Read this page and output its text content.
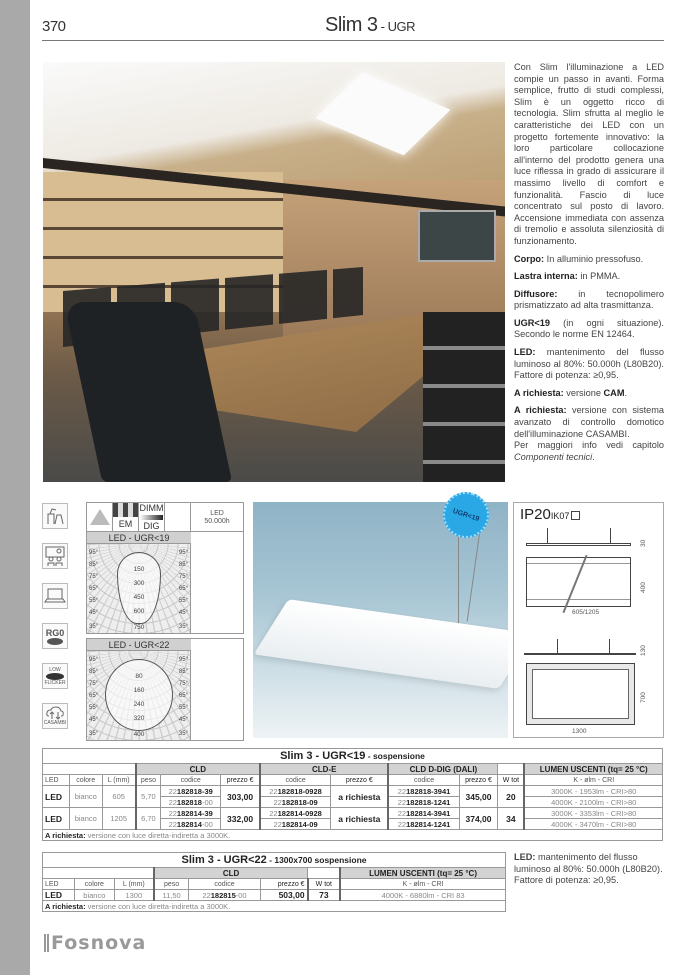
370	Slim 3 - UGR

Con Slim l'illuminazione a LED compie un passo in avanti. Forma semplice, frutto di studi complessi, Slim è un oggetto ricco di tecnologia. Slim sfrutta al meglio le caratteristiche dei LED con un progetto fortemente innovativo: la loro particolare collocazione all'interno del prodotto genera una luce riflessa in grado di assicurare il massimo livello di comfort e funzionalità. Fascio di luce concentrato sul posto di lavoro. Accensione immediata con assenza di tremolio e assoluta silenziosità di funzionamento.

Corpo: In alluminio pressofuso.

Lastra interna: in PMMA.

Diffusore: in tecnopolimero prismatizzato ad alta trasmittanza.

UGR<19 (in ogni situazione). Secondo le norme EN 12464.

LED: mantenimento del flusso luminoso al 80%: 50.000h (L80B20). Fattore di potenza: ≥0,95.

A richiesta: versione CAM.

A richiesta: versione con sistema avanzato di controllo domotico dell'illuminazione CASAMBI.

Per maggiori info vedi capitolo Componenti tecnici.

RG0
LOW
FLICKER
CASAMBI
EM
DIMM
DIG
LED
50.000h
LED - UGR<19
150
300
450
600
750
95°
85°
75°
65°
55°
45°
35°
95°
85°
75°
65°
55°
45°
35°
LED - UGR<22
80
160
240
320
400
95°
85°
75°
65°
55°
45°
35°
95°
85°
75°
65°
55°
45°
35°
UGR<19	IP20IK07
30
400
605/1205
130
700
1300
Slim 3 - UGR<19 - sospensione											
			CLD			CLD-E		CLD D-DIG (DALI)			LUMEN USCENTI (tq= 25 °C)
LED	colore	L (mm)	peso	codice	prezzo €	codice	prezzo €	codice	prezzo €	W tot	K - ølm - CRI
LED	bianco	605	5,70	22182818-39	303,00	22182818-0928	a richiesta	22182818-3941	345,00	20	3000K - 1953lm - CRI>80
				22182818-00		22182818-09		22182818-1241			4000K - 2100lm - CRI>80
LED	bianco	1205	6,70	22182814-39	332,00	22182814-0928	a richiesta	22182814-3941	374,00	34	3000K - 3353lm - CRI>80
				22182814-00		22182814-09		22182814-1241			4000K - 3470lm - CRI>80
A richiesta: versione con luce diretta-indiretta a 3000K.											
Slim 3 - UGR<22 - 1300x700 sospensione							
			CLD				LUMEN USCENTI (tq= 25 °C)
LED	colore	L (mm)	peso	codice	prezzo €	W tot	K - ølm - CRI
LED	bianco	1300	11,50	22182815-00	503,00	73	4000K - 6880lm - CRI 83
A richiesta: versione con luce diretta-indiretta a 3000K.							
LED: mantenimento del flusso luminoso al 80%: 50.000h (L80B20). Fattore di potenza: ≥0,95.
Fosnova
